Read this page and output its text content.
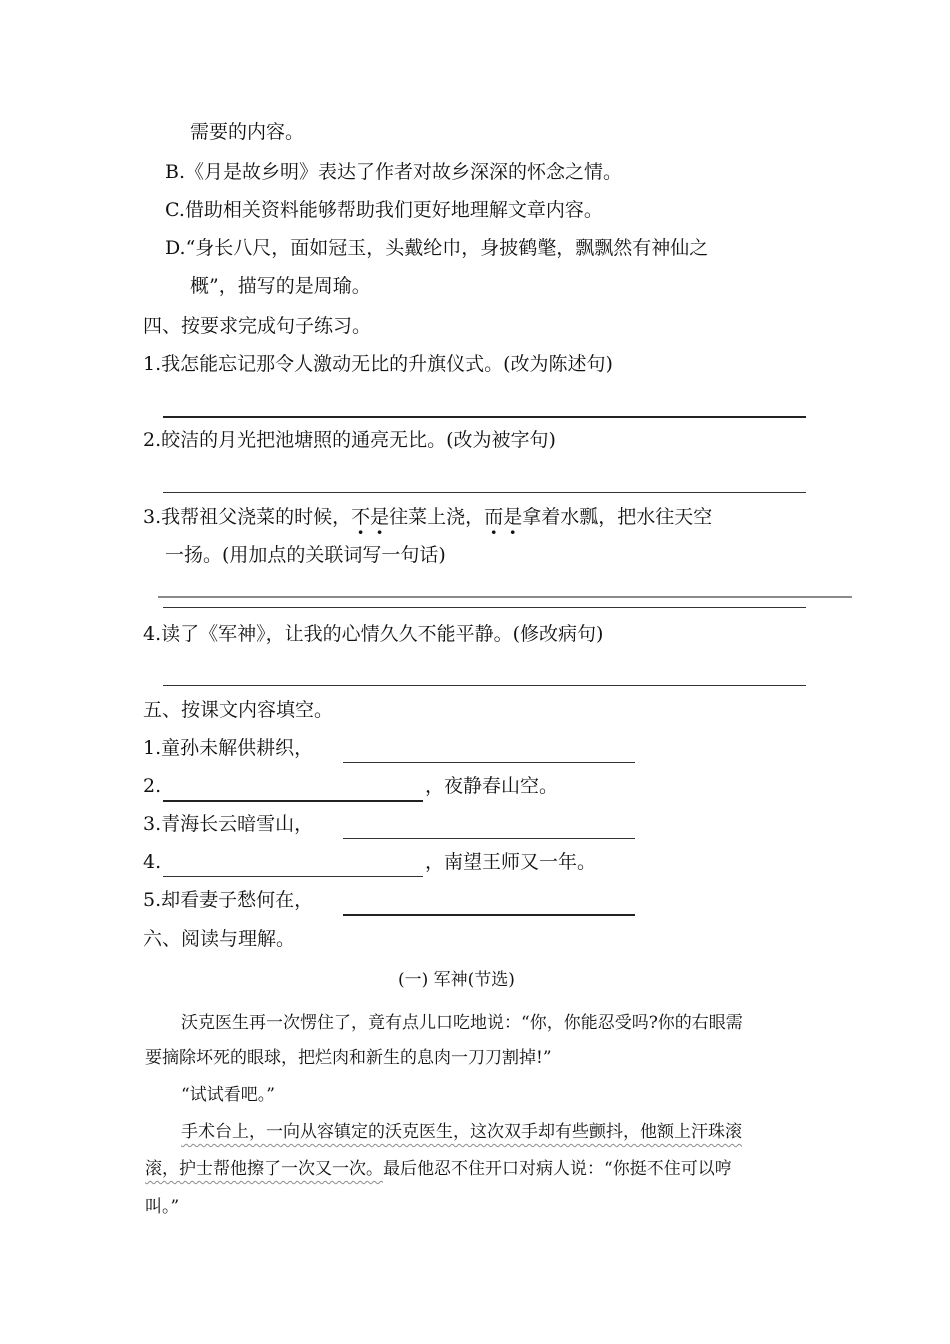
需要的内容。
B.《月是故乡明》表达了作者对故乡深深的怀念之情。
C.借助相关资料能够帮助我们更好地理解文章内容。
D.“身长八尺，面如冠玉，头戴纶巾，身披鹤氅，飘飘然有神仙之
概”，描写的是周瑜。
四、按要求完成句子练习。
1.我怎能忘记那令人激动无比的升旗仪式。(改为陈述句)
2.皎洁的月光把池塘照的通亮无比。(改为被字句)
3.我帮祖父浇菜的时候，不是往菜上浇，而是拿着水瓢，把水往天空
一扬。(用加点的关联词写一句话)
4.读了《军神》，让我的心情久久不能平静。(修改病句)
五、按课文内容填空。
1.童孙未解供耕织，
2.	，夜静春山空。
3.青海长云暗雪山，
4.	，南望王师又一年。
5.却看妻子愁何在，
六、阅读与理解。
(一) 军神(节选)
沃克医生再一次愣住了，竟有点儿口吃地说：“你，你能忍受吗?你的右眼需
要摘除坏死的眼球，把烂肉和新生的息肉一刀刀割掉!”
“试试看吧。”
手术台上，一向从容镇定的沃克医生，这次双手却有些颤抖，他额上汗珠滚
滚，护士帮他擦了一次又一次。最后他忍不住开口对病人说：“你挺不住可以哼
叫。”
